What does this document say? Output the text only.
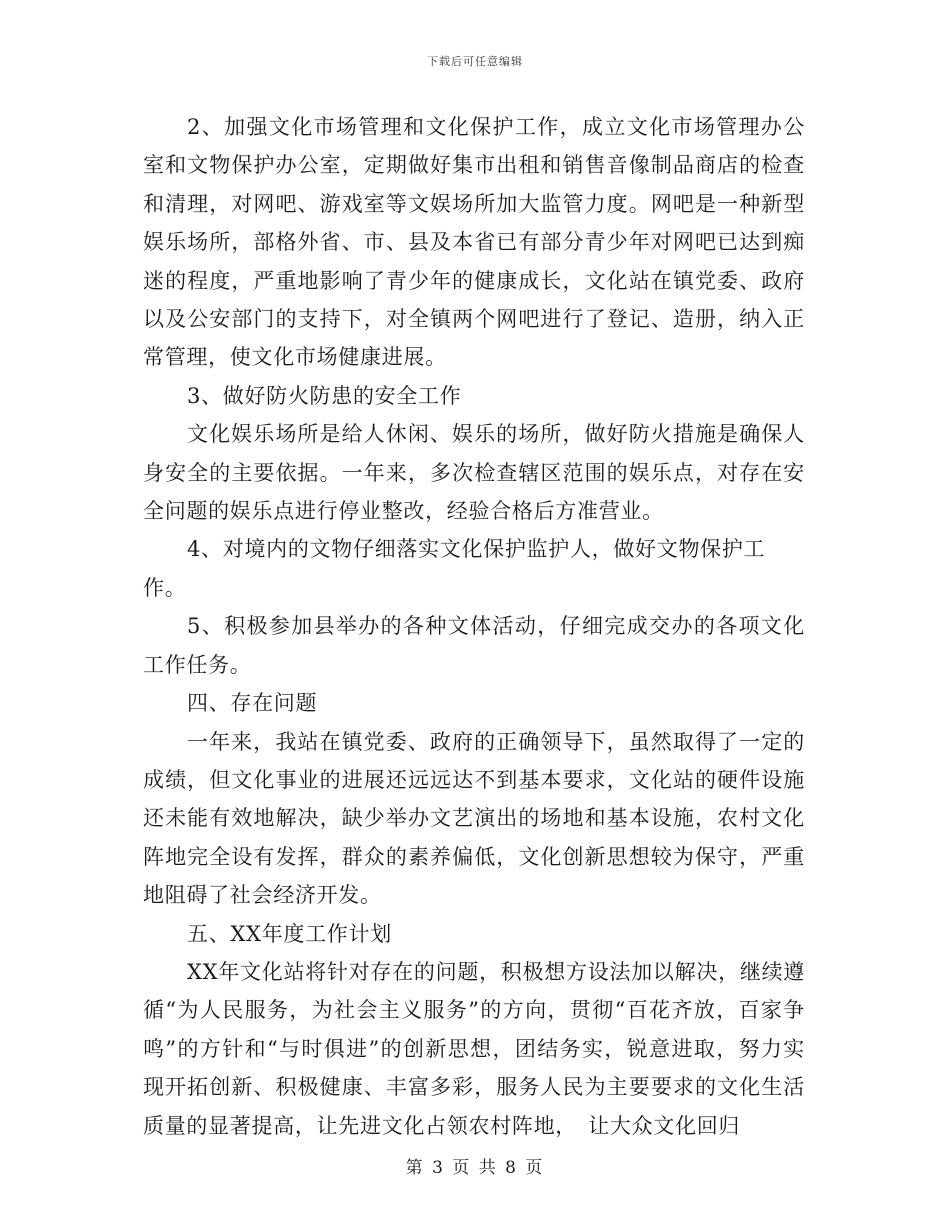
下载后可任意编辑

2、加强文化市场管理和文化保护工作，成立文化市场管理办公室和文物保护办公室，定期做好集市出租和销售音像制品商店的检查和清理，对网吧、游戏室等文娱场所加大监管力度。网吧是一种新型娱乐场所，部格外省、市、县及本省已有部分青少年对网吧已达到痴迷的程度，严重地影响了青少年的健康成长，文化站在镇党委、政府以及公安部门的支持下，对全镇两个网吧进行了登记、造册，纳入正常管理，使文化市场健康进展。

3、做好防火防患的安全工作

文化娱乐场所是给人休闲、娱乐的场所，做好防火措施是确保人身安全的主要依据。一年来，多次检查辖区范围的娱乐点，对存在安全问题的娱乐点进行停业整改，经验合格后方准营业。

4、对境内的文物仔细落实文化保护监护人，做好文物保护工作。

5、积极参加县举办的各种文体活动，仔细完成交办的各项文化工作任务。

四、存在问题

一年来，我站在镇党委、政府的正确领导下，虽然取得了一定的成绩，但文化事业的进展还远远达不到基本要求，文化站的硬件设施还未能有效地解决，缺少举办文艺演出的场地和基本设施，农村文化阵地完全设有发挥，群众的素养偏低，文化创新思想较为保守，严重地阻碍了社会经济开发。

五、XX年度工作计划

XX年文化站将针对存在的问题，积极想方设法加以解决，继续遵循“为人民服务，为社会主义服务”的方向，贯彻“百花齐放，百家争鸣”的方针和“与时俱进”的创新思想，团结务实，锐意进取，努力实现开拓创新、积极健康、丰富多彩，服务人民为主要要求的文化生活质量的显著提高，让先进文化占领农村阵地，　让大众文化回归

第 3 页 共 8 页
